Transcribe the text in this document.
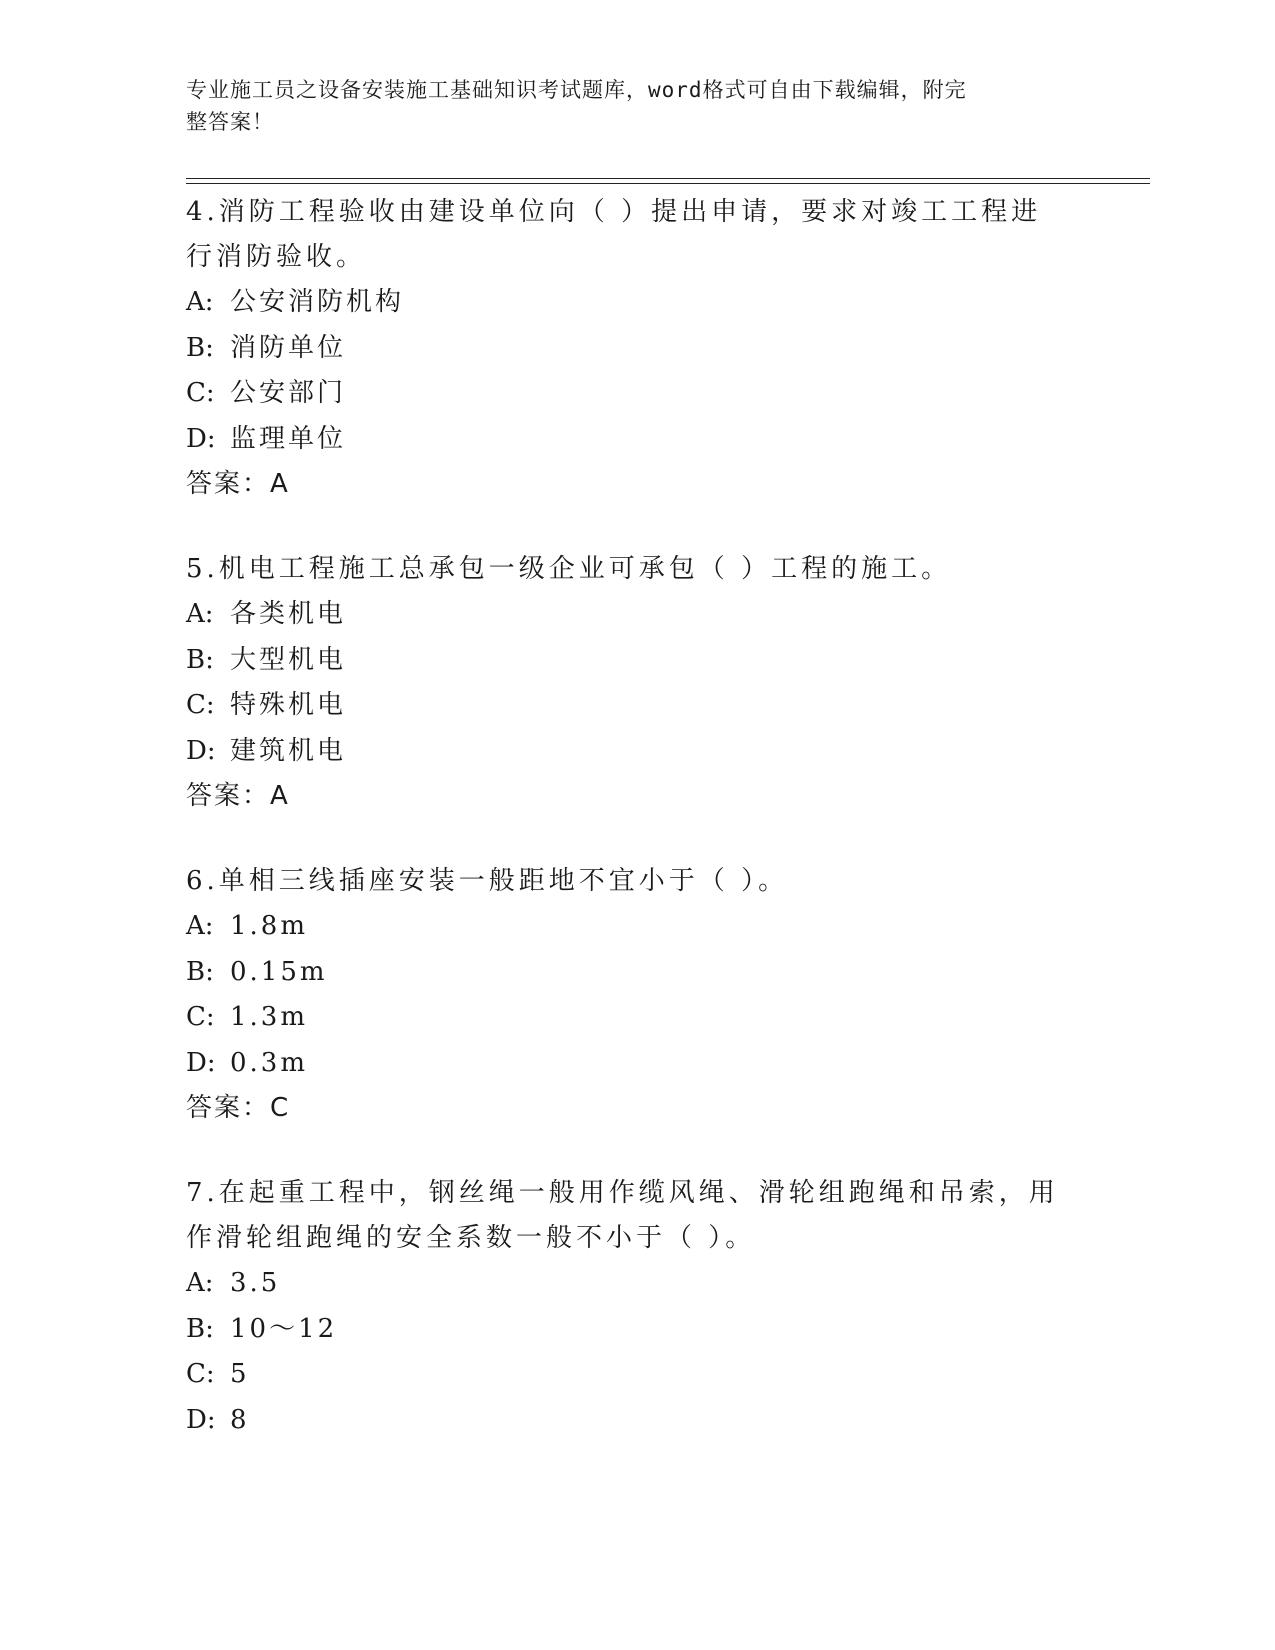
专业施工员之设备安装施工基础知识考试题库，word格式可自由下载编辑，附完
整答案！

4.消防工程验收由建设单位向（ ）提出申请，要求对竣工工程进行消防验收。

A: 公安消防机构

B: 消防单位

C: 公安部门

D: 监理单位

答案：A

5.机电工程施工总承包一级企业可承包（ ）工程的施工。

A: 各类机电

B: 大型机电

C: 特殊机电

D: 建筑机电

答案：A

6.单相三线插座安装一般距地不宜小于（ ）。

A: 1.8m

B: 0.15m

C: 1.3m

D: 0.3m

答案：C

7.在起重工程中，钢丝绳一般用作缆风绳、滑轮组跑绳和吊索，用作滑轮组跑绳的安全系数一般不小于（ ）。

A: 3.5

B: 10～12

C: 5

D: 8
